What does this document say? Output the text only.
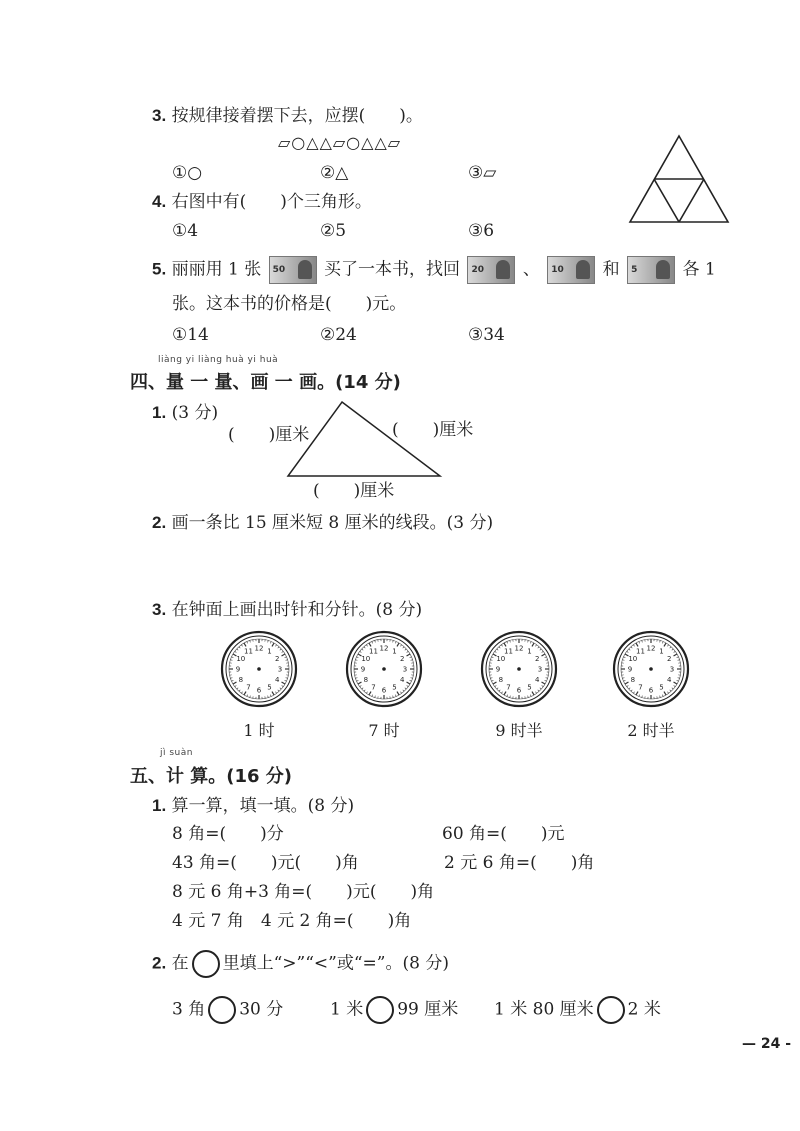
3. 按规律接着摆下去，应摆(　　)。
▱○△△▱○△△▱
①○	②△	③▱
4. 右图中有(　　)个三角形。
①4	②5	③6
5. 丽丽用 1 张 50 买了一本书，找回 20 、 10 和 5	各 1
张。这本书的价格是(　　)元。
①14	②24	③34
liàng yi liàng huà yi huà
四、量 一 量、画 一 画。(14 分)
1. (3 分)
(　　)厘米	(　　)厘米
(　　)厘米
2. 画一条比 15 厘米短 8 厘米的线段。(3 分)
3. 在钟面上画出时针和分针。(8 分)
1
2
3
4
5
6
7
8
9
10
11 12	1
2
3
4
5
6
7
8
9
10
11 12	1
2
3
4
5
6
7
8
9
10
11 12	1
2
3
4
5
6
7
8
9
10
11 12
1 时	7 时	9 时半	2 时半
jì suàn
五、计 算。(16 分)
1. 算一算，填一填。(8 分)
8 角=(　　)分	60 角=(　　)元
43 角=(　　)元(　　)角	2 元 6 角=(　　)角
8 元 6 角+3 角=(　　)元(　　)角
4 元 7 角　4 元 2 角=(　　)角
2. 在 里填上“>”“<”或“=”。(8 分)
3 角 30 分	1 米 99 厘米 1 米 80 厘米 2 米
— 24 -
